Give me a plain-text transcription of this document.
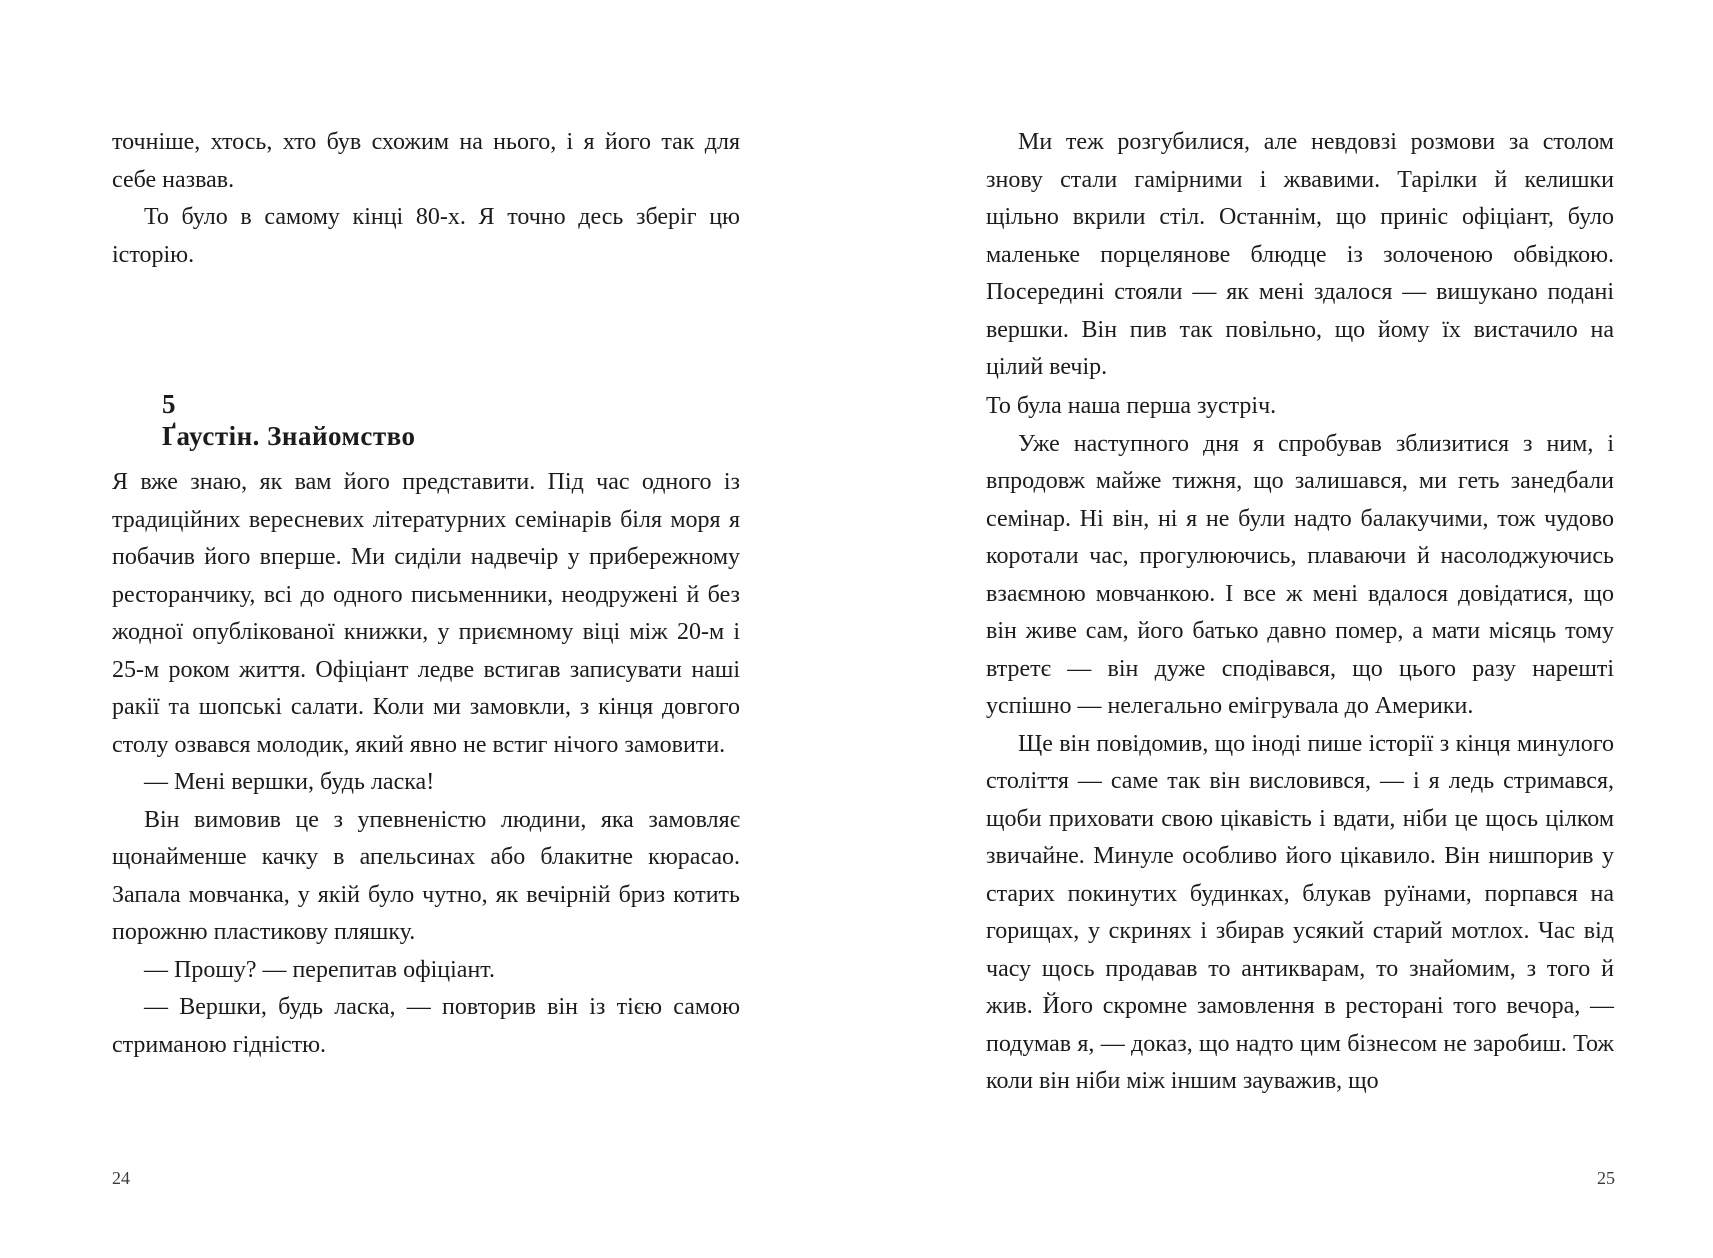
точніше, хтось, хто був схожим на нього, і я його так для себе назвав.

То було в самому кінці 80-х. Я точно десь зберіг цю історію.

5
Ґаустін. Знайомство

Я вже знаю, як вам його представити. Під час одного із традиційних вересневих літературних семінарів біля моря я побачив його вперше. Ми сиділи надвечір у прибережному ресторанчику, всі до одного письменники, неодружені й без жодної опублікованої книжки, у приємному віці між 20-м і 25-м роком життя. Офіціант ледве встигав записувати наші ракії та шопські салати. Коли ми замовкли, з кінця довгого столу озвався молодик, який явно не встиг нічого замовити.

— Мені вершки, будь ласка!

Він вимовив це з упевненістю людини, яка замовляє щонайменше качку в апельсинах або блакитне кюрасао. Запала мовчанка, у якій було чутно, як вечірній бриз котить порожню пластикову пляшку.

— Прошу? — перепитав офіціант.

— Вершки, будь ласка, — повторив він із тією самою стриманою гідністю.

24

Ми теж розгубилися, але невдовзі розмови за столом знову стали гамірними і жвавими. Тарілки й келишки щільно вкрили стіл. Останнім, що приніс офіціант, було маленьке порцелянове блюдце із золоченою обвідкою. Посередині стояли — як мені здалося — вишукано подані вершки. Він пив так повільно, що йому їх вистачило на цілий вечір.

То була наша перша зустріч.

Уже наступного дня я спробував зблизитися з ним, і впродовж майже тижня, що залишався, ми геть занедбали семінар. Ні він, ні я не були надто балакучими, тож чудово коротали час, прогулюючись, плаваючи й насолоджуючись взаємною мовчанкою. І все ж мені вдалося довідатися, що він живе сам, його батько давно помер, а мати місяць тому втретє — він дуже сподівався, що цього разу нарешті успішно — нелегально емігрувала до Америки.

Ще він повідомив, що іноді пише історії з кінця минулого століття — саме так він висловився, — і я ледь стримався, щоби приховати свою цікавість і вдати, ніби це щось цілком звичайне. Минуле особливо його цікавило. Він нишпорив у старих покинутих будинках, блукав руїнами, порпався на горищах, у скринях і збирав усякий старий мотлох. Час від часу щось продавав то антикварам, то знайомим, з того й жив. Його скромне замовлення в ресторані того вечора, — подумав я, — доказ, що надто цим бізнесом не заробиш. Тож коли він ніби між іншим зауважив, що

25
